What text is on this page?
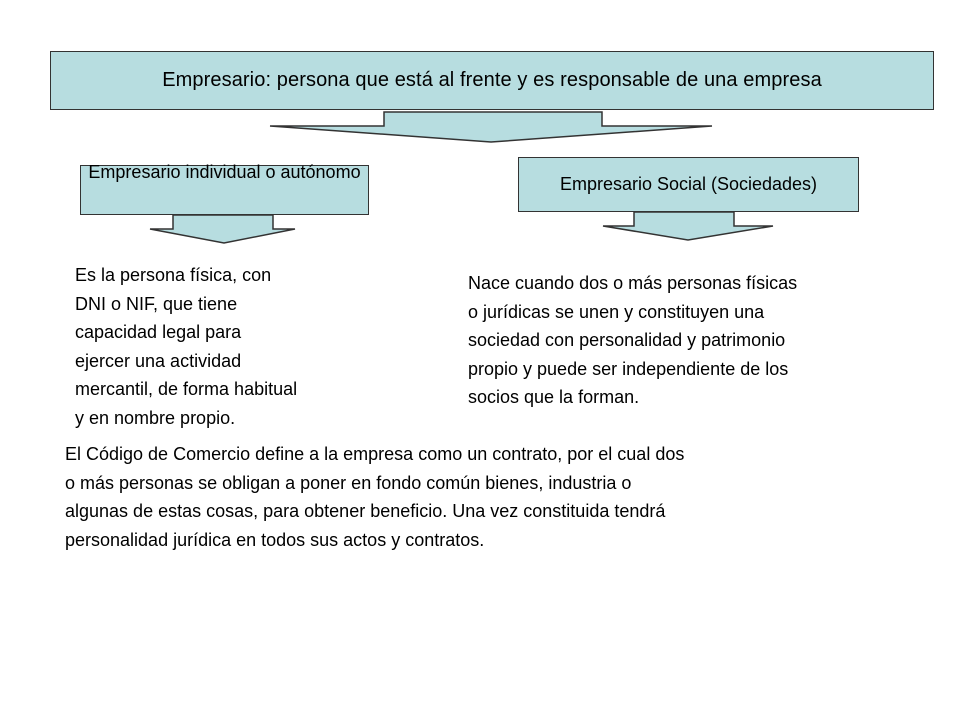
Empresario: persona que está al frente y es responsable de una empresa
Empresario individual o autónomo
Empresario Social (Sociedades)
Es la persona física, con
DNI o NIF, que tiene
capacidad legal para
ejercer una actividad
mercantil, de forma habitual
y en nombre propio.
Nace cuando dos o más personas físicas
o jurídicas se unen y constituyen una
sociedad con personalidad y patrimonio
propio y puede ser independiente de los
socios que la forman.
El Código de Comercio define a la empresa como un contrato, por el cual dos
o más personas se obligan a poner en fondo común bienes, industria o
algunas de estas cosas, para obtener beneficio. Una vez constituida tendrá
personalidad jurídica en todos sus actos y contratos.
